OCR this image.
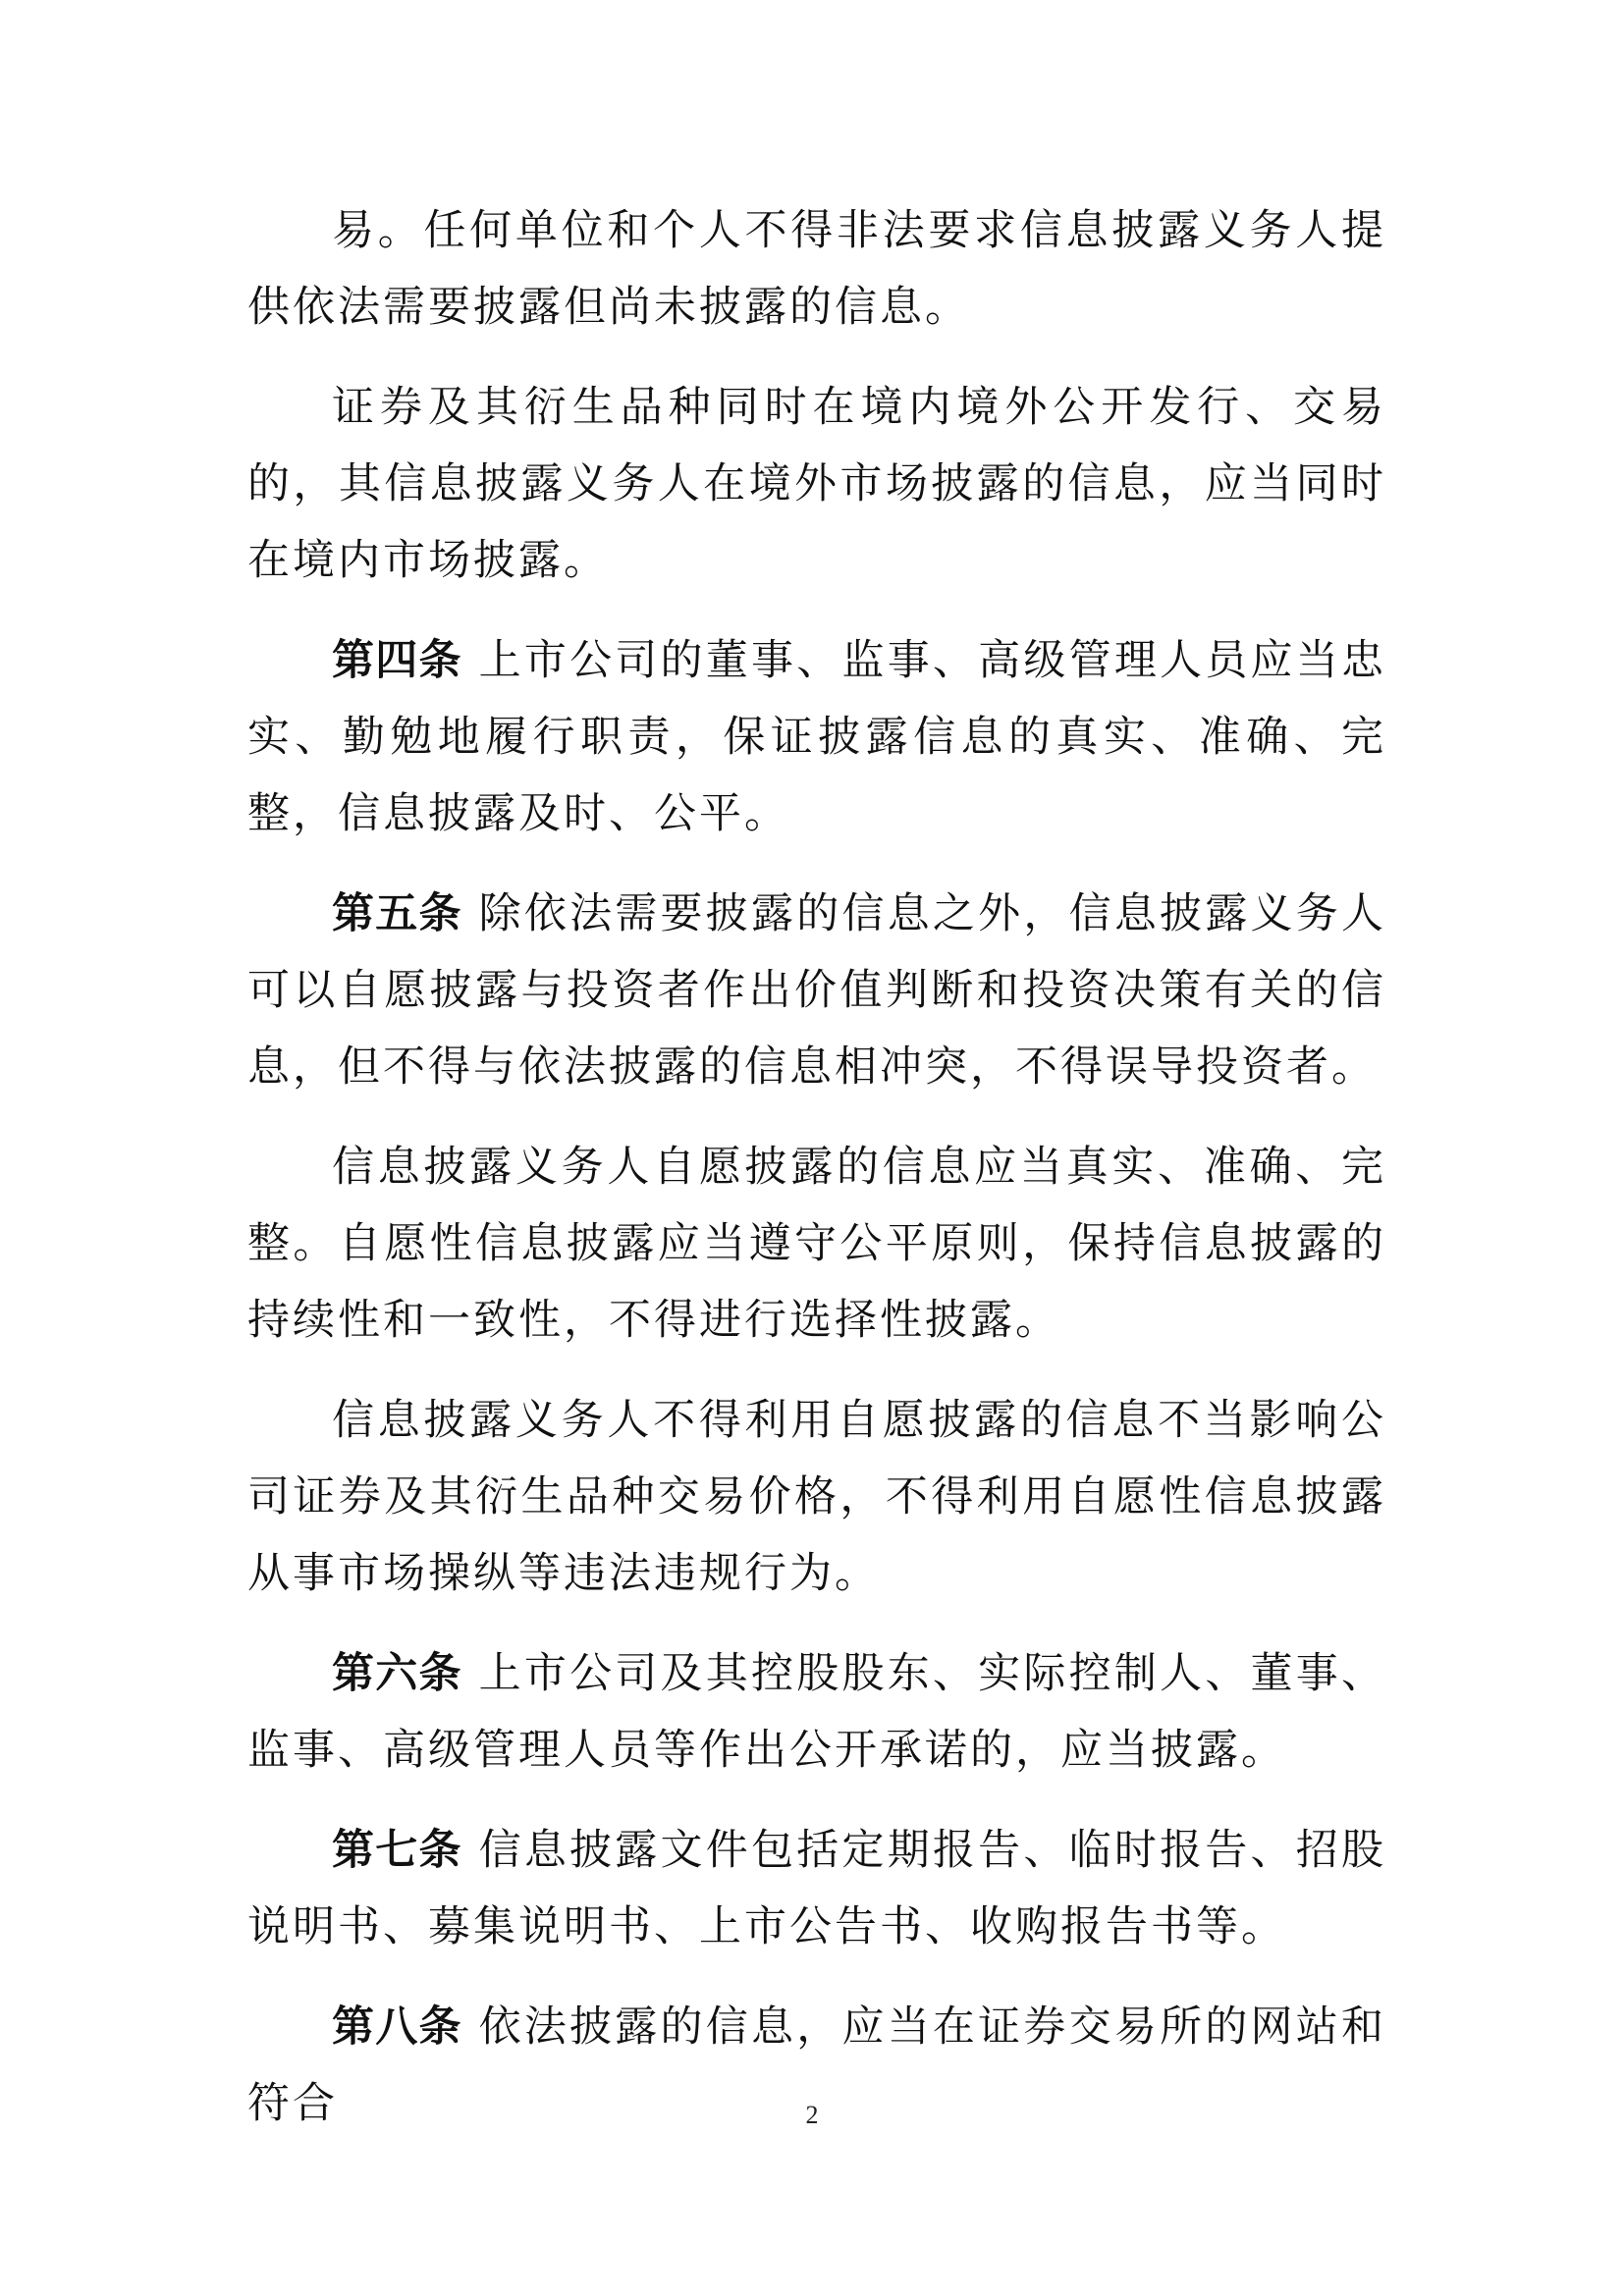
易。任何单位和个人不得非法要求信息披露义务人提供依法需要披露但尚未披露的信息。

证券及其衍生品种同时在境内境外公开发行、交易的，其信息披露义务人在境外市场披露的信息，应当同时在境内市场披露。

第四条 上市公司的董事、监事、高级管理人员应当忠实、勤勉地履行职责，保证披露信息的真实、准确、完整，信息披露及时、公平。

第五条 除依法需要披露的信息之外，信息披露义务人可以自愿披露与投资者作出价值判断和投资决策有关的信息，但不得与依法披露的信息相冲突，不得误导投资者。

信息披露义务人自愿披露的信息应当真实、准确、完整。自愿性信息披露应当遵守公平原则，保持信息披露的持续性和一致性，不得进行选择性披露。

信息披露义务人不得利用自愿披露的信息不当影响公司证券及其衍生品种交易价格，不得利用自愿性信息披露从事市场操纵等违法违规行为。

第六条 上市公司及其控股股东、实际控制人、董事、监事、高级管理人员等作出公开承诺的，应当披露。

第七条 信息披露文件包括定期报告、临时报告、招股说明书、募集说明书、上市公告书、收购报告书等。

第八条 依法披露的信息，应当在证券交易所的网站和符合	2
